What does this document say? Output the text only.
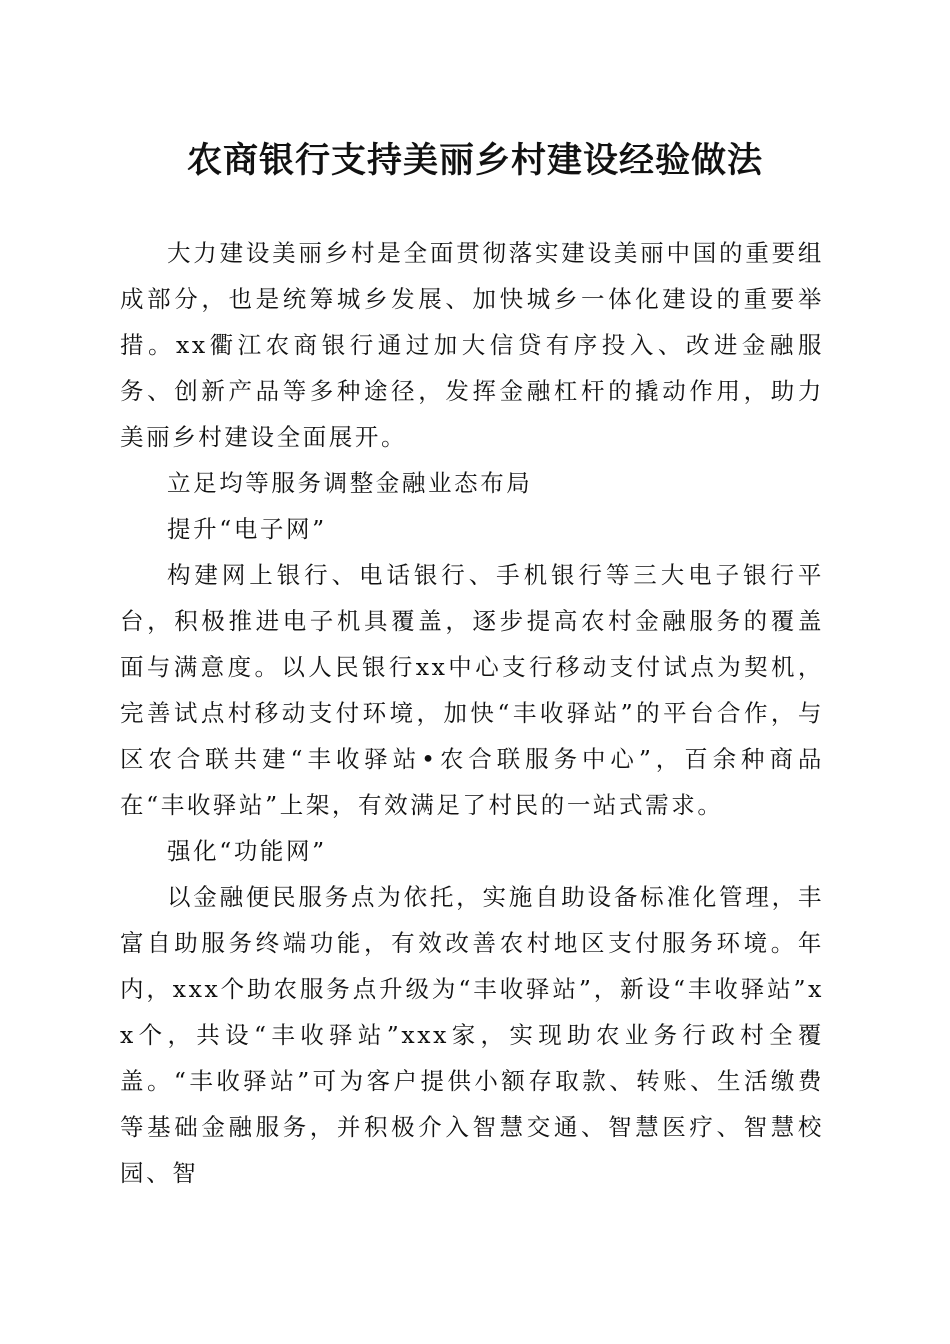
农商银行支持美丽乡村建设经验做法

大力建设美丽乡村是全面贯彻落实建设美丽中国的重要组成部分，也是统筹城乡发展、加快城乡一体化建设的重要举措。xx衢江农商银行通过加大信贷有序投入、改进金融服务、创新产品等多种途径，发挥金融杠杆的撬动作用，助力美丽乡村建设全面展开。

立足均等服务调整金融业态布局

提升“电子网”

构建网上银行、电话银行、手机银行等三大电子银行平台，积极推进电子机具覆盖，逐步提高农村金融服务的覆盖面与满意度。以人民银行xx中心支行移动支付试点为契机，完善试点村移动支付环境，加快“丰收驿站”的平台合作，与区农合联共建“丰收驿站•农合联服务中心”，百余种商品在“丰收驿站”上架，有效满足了村民的一站式需求。

强化“功能网”

以金融便民服务点为依托，实施自助设备标准化管理，丰富自助服务终端功能，有效改善农村地区支付服务环境。年内，xxx个助农服务点升级为“丰收驿站”，新设“丰收驿站”xx个，共设“丰收驿站”xxx家，实现助农业务行政村全覆盖。“丰收驿站”可为客户提供小额存取款、转账、生活缴费等基础金融服务，并积极介入智慧交通、智慧医疗、智慧校园、智
